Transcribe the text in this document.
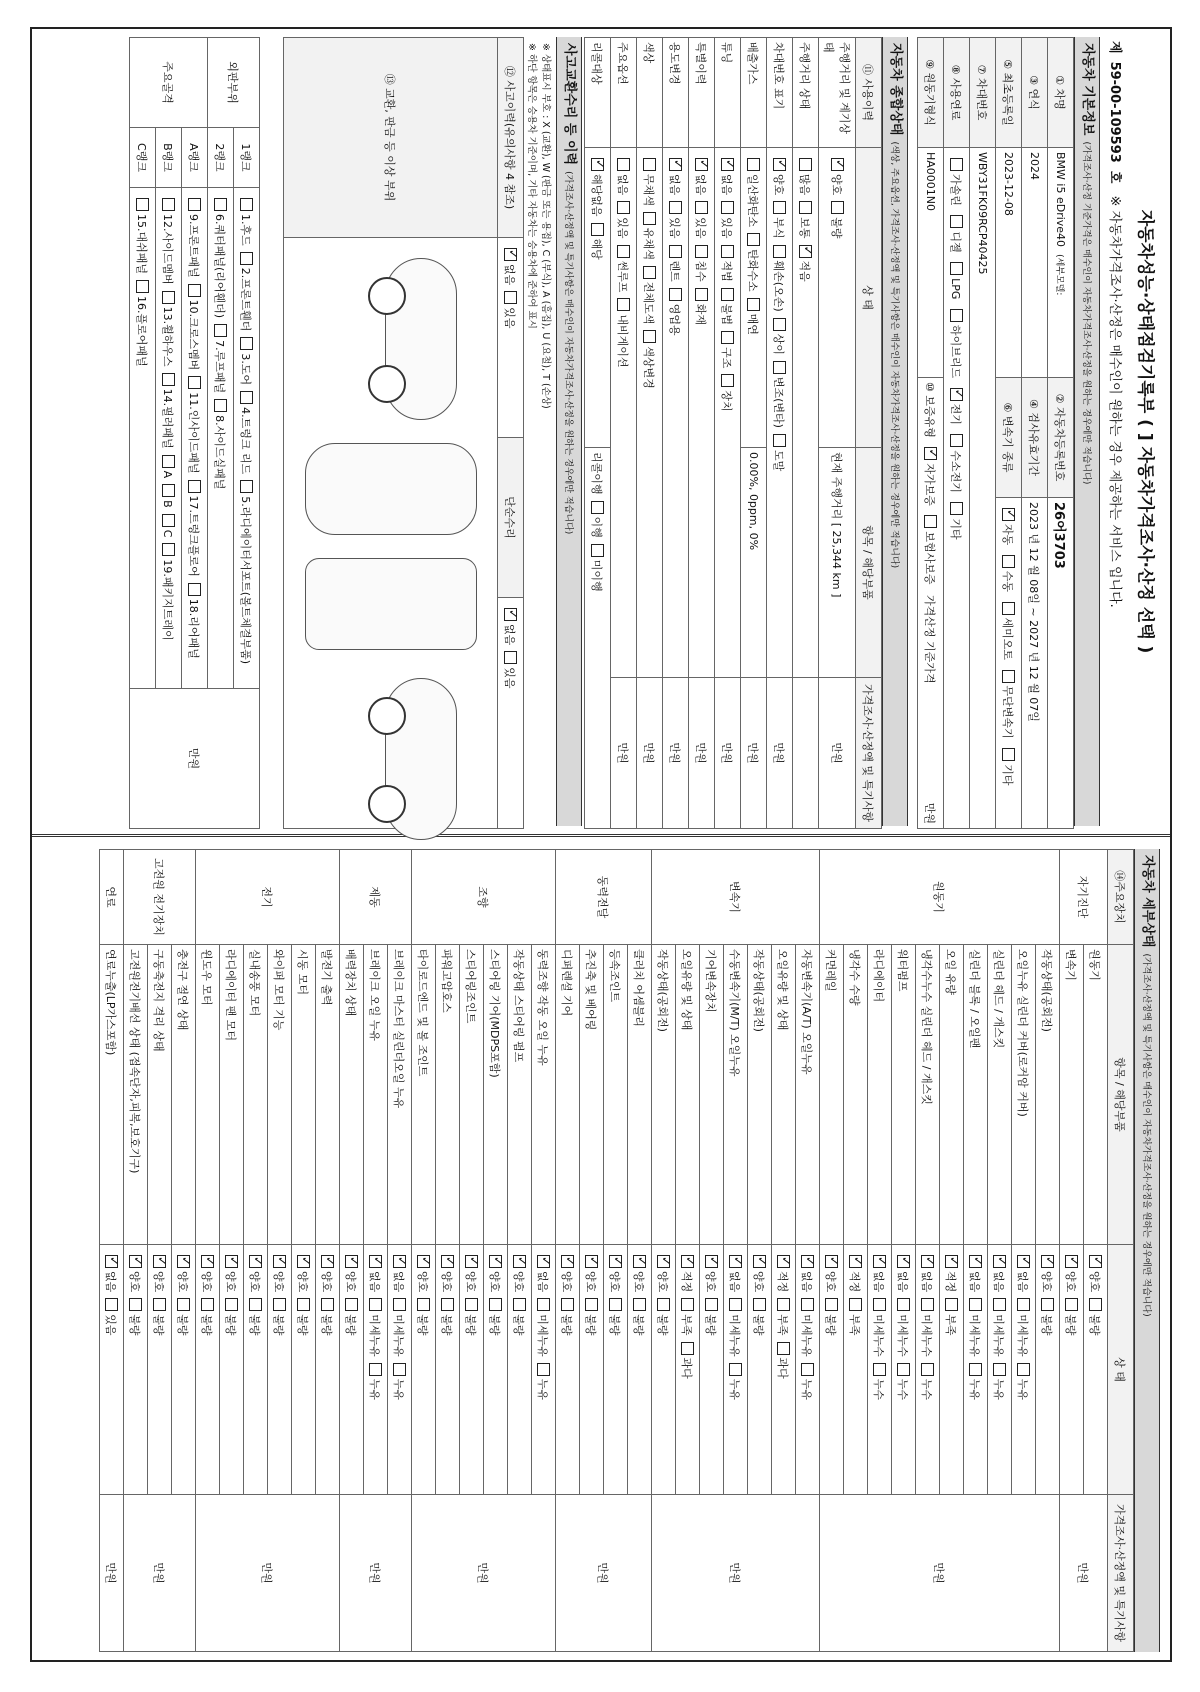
자동차성능·상태점검기록부 ( ] 자동차가격조사·산정 선택 )
제59-00-109593호 ※ 자동차가격조사·산정은 매수인이 원하는 경우 제공하는 서비스 입니다.
자동차 기본정보(가격조사·산정 기준가격은 매수인이 자동차가격조사·산정을 원하는 경우에만 적습니다)
① 차명	BMW i5 eDrive40  (세부모델:	② 자동차등록번호	26어3703
③ 연식	2024	④ 검사유효기간	2023 년 12 월 08일 ~ 2027 년 12 월 07일
⑤ 최초등록일	2023-12-08	⑥ 변속기 종류	✓자동 수동 세미오토 무단변속기 기타
⑦ 차대번호	WBY31FK09RCP40425		
⑧ 사용연료	가솔린 디젤 LPG 하이브리드 ✓전기 수소전기 기타
⑨ 원동기형식	HA0001N0	⑩ 보증유형 ✓자가보증 보험사보증   가격산정 기준가격
만원
자동차 종합상태(색상, 주요옵션, 가격조사·산정액 및 특기사항은 매수인이 자동차가격조사·산정을 원하는 경우에만 적습니다)
⑪ 사용이력	상 태	항목 / 해당부품	가격조사·산정액 및 특기사항
주행거리 및 계기상태	✓양호불량	현재 주행거리 [ 25,344 km ]	만원
주행거리 상태	많음보통✓적음	
차대번호 표기	✓양호부식훼손(오손)상이변조(변타)도말		만원
배출가스	일산화탄소탄화수소매연	0.00%, 0ppm, 0%	만원
튜닝	✓없음있음적법불법구조장치		만원
특별이력	✓없음있음침수화재		만원
용도변경	✓없음있음렌트영업용		만원
색상	무채색유채색전체도색색상변경		만원
주요옵션	없음있음썬루프내비게이션		만원
리콜대상	✓해당없음해당	리콜이행이행미이행	
사고교환수리 등 이력(가격조사·산정액 및 특기사항은 매수인이 자동차가격조사·산정을 원하는 경우에만 적습니다)
※ 상태표시 부호 : X (교환), W (판금 또는 용접), C (부식), A (흠집), U (요철), T (손상)
※ 하단 항목은 승용차 기준이며, 기타 자동차는 승용차에 준하여 표시
⑫ 사고이력(유의사항 4 참조)	✓없음있음	단순수리	✓없음있음
⑬ 교환, 판금 등 이상 부위			
외판부위	1랭크	1.후드2.프론트휀더3.도어4.트렁크 리드5.라디에이터서포트(볼트체결부품)	만원
	2랭크	6.쿼터패널(리어휀더)7.루프패널8.사이드실패널	
주요골격	A랭크	9.프론트패널10.크로스멤버11.인사이드패널17.트렁크플로어18.리어패널	
	B랭크	12.사이드멤버13.휠하우스14.필러패널ABC19.패키지트레이	
	C랭크	15.대쉬패널16.플로어패널	
자동차 세부상태(가격조사·산정액 및 특기사항은 매수인이 자동차가격조사·산정을 원하는 경우에만 적습니다)
⑭주요장치	항목 / 해당부품	상 태	가격조사·산정액 및 특기사항
자기진단	원동기	✓양호불량	만원
	변속기	✓양호불량
원동기	작동상태(공회전)	✓양호불량	만원
	오일누유 실린더 커버(로커암 커버)	✓없음미세누유누유
	실린더 헤드 / 개스킷	✓없음미세누유누유
	실린더 블록 / 오일팬	✓없음미세누유누유
	오일 유량	✓적정부족
	냉각수누수 실린더 헤드 / 개스킷	✓없음미세누수누수
	워터펌프	✓없음미세누수누수
	라디에이터	✓없음미세누수누수
	냉각수 수량	✓적정부족
	커먼레일	✓양호불량
변속기	자동변속기(A/T) 오일누유	✓없음미세누유누유	만원
	오일유량 및 상태	✓적정부족과다
	작동상태(공회전)	✓양호불량
	수동변속기(M/T) 오일누유	✓없음미세누유누유
	기어변속장치	✓양호불량
	오일유량 및 상태	✓적정부족과다
	작동상태(공회전)	✓양호불량
동력전달	클러치 어셈블리	✓양호불량	만원
	등속조인트	✓양호불량
	추진축 및 베어링	✓양호불량
	디퍼렌셜 기어	✓양호불량
조향	동력조향 작동 오일 누유	✓없음미세누유누유	만원
	작동상태 스티어링 펌프	✓양호불량
	스티어링 기어(MDPS포함)	✓양호불량
	스티어링조인트	✓양호불량
	파워고압호스	✓양호불량
	타이로드엔드 및 볼 조인트	✓양호불량
제동	브레이크 마스터 실린더오일 누유	✓없음미세누유누유	만원
	브레이크 오일 누유	✓없음미세누유누유
	배력장치 상태	✓양호불량
전기	발전기 출력	✓양호불량	만원
	시동 모터	✓양호불량
	와이퍼 모터 기능	✓양호불량
	실내송풍 모터	✓양호불량
	라디에이터 팬 모터	✓양호불량
	윈도우 모터	✓양호불량
고전원 전기장치	충전구 절연 상태	✓양호불량	만원
	구동축전지 격리 상태	✓양호불량
	고전원전기배선 상태 (접속단자,피복,보호기구)	✓양호불량
연료	연료누출(LP가스포함)	✓없음있음	만원
